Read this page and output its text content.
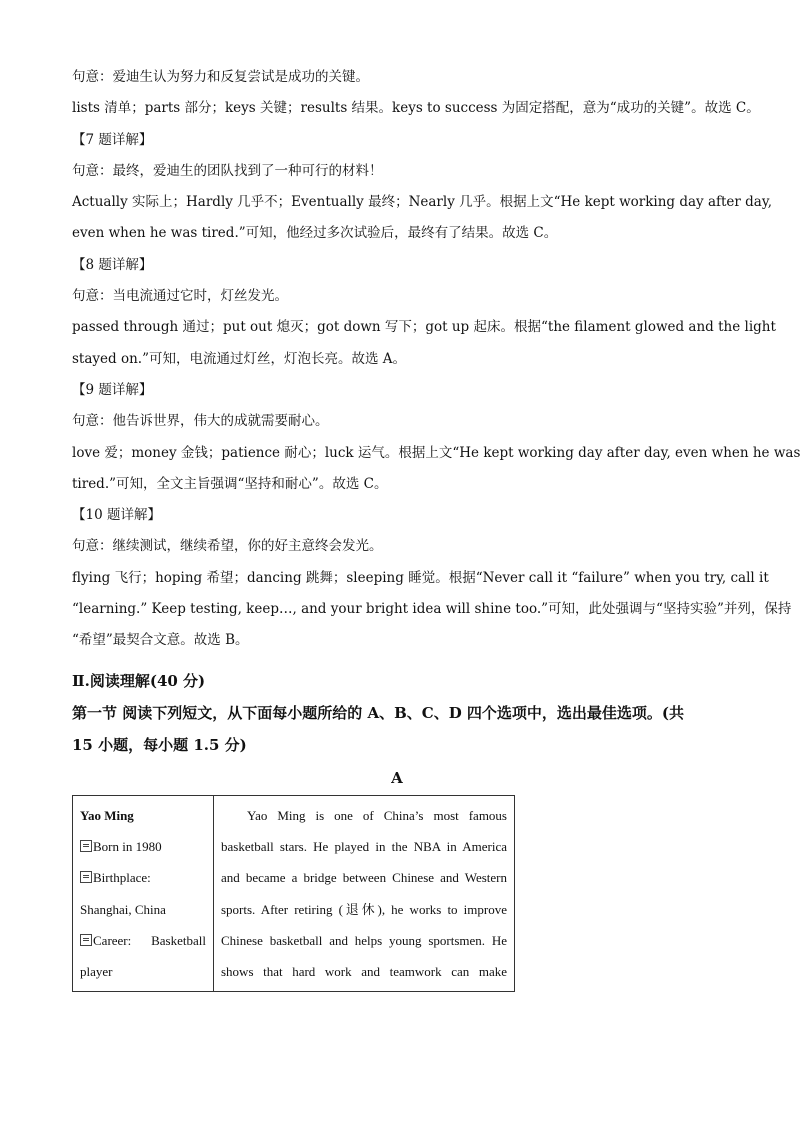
句意：爱迪生认为努力和反复尝试是成功的关键。
lists 清单；parts 部分；keys 关键；results 结果。keys to success 为固定搭配，意为“成功的关键”。故选 C。
【7 题详解】
句意：最终，爱迪生的团队找到了一种可行的材料！
Actually 实际上；Hardly 几乎不；Eventually 最终；Nearly 几乎。根据上文“He kept working day after day,
even when he was tired.”可知，他经过多次试验后，最终有了结果。故选 C。
【8 题详解】
句意：当电流通过它时，灯丝发光。
passed through 通过；put out 熄灭；got down 写下；got up 起床。根据“the filament glowed and the light
stayed on.”可知，电流通过灯丝，灯泡长亮。故选 A。
【9 题详解】
句意：他告诉世界，伟大的成就需要耐心。
love 爱；money 金钱；patience 耐心；luck 运气。根据上文“He kept working day after day, even when he was
tired.”可知，全文主旨强调“坚持和耐心”。故选 C。
【10 题详解】
句意：继续测试，继续希望，你的好主意终会发光。
flying 飞行；hoping 希望；dancing 跳舞；sleeping 睡觉。根据“Never call it “failure” when you try, call it
“learning.” Keep testing, keep…, and your bright idea will shine too.”可知，此处强调与“坚持实验”并列，保持
“希望”最契合文意。故选 B。
Ⅱ.阅读理解(40 分)
第一节 阅读下列短文，从下面每小题所给的 A、B、C、D 四个选项中，选出最佳选项。(共
15 小题，每小题 1.5 分)
A
Yao Ming
Born in 1980
Birthplace:
Shanghai, China
Career: Basketball
player

Yao Ming is one of China’s most famous
basketball stars. He played in the NBA in America
and became a bridge between Chinese and Western
sports. After retiring (退休), he works to improve
Chinese basketball and helps young sportsmen. He
shows that hard work and teamwork can make
